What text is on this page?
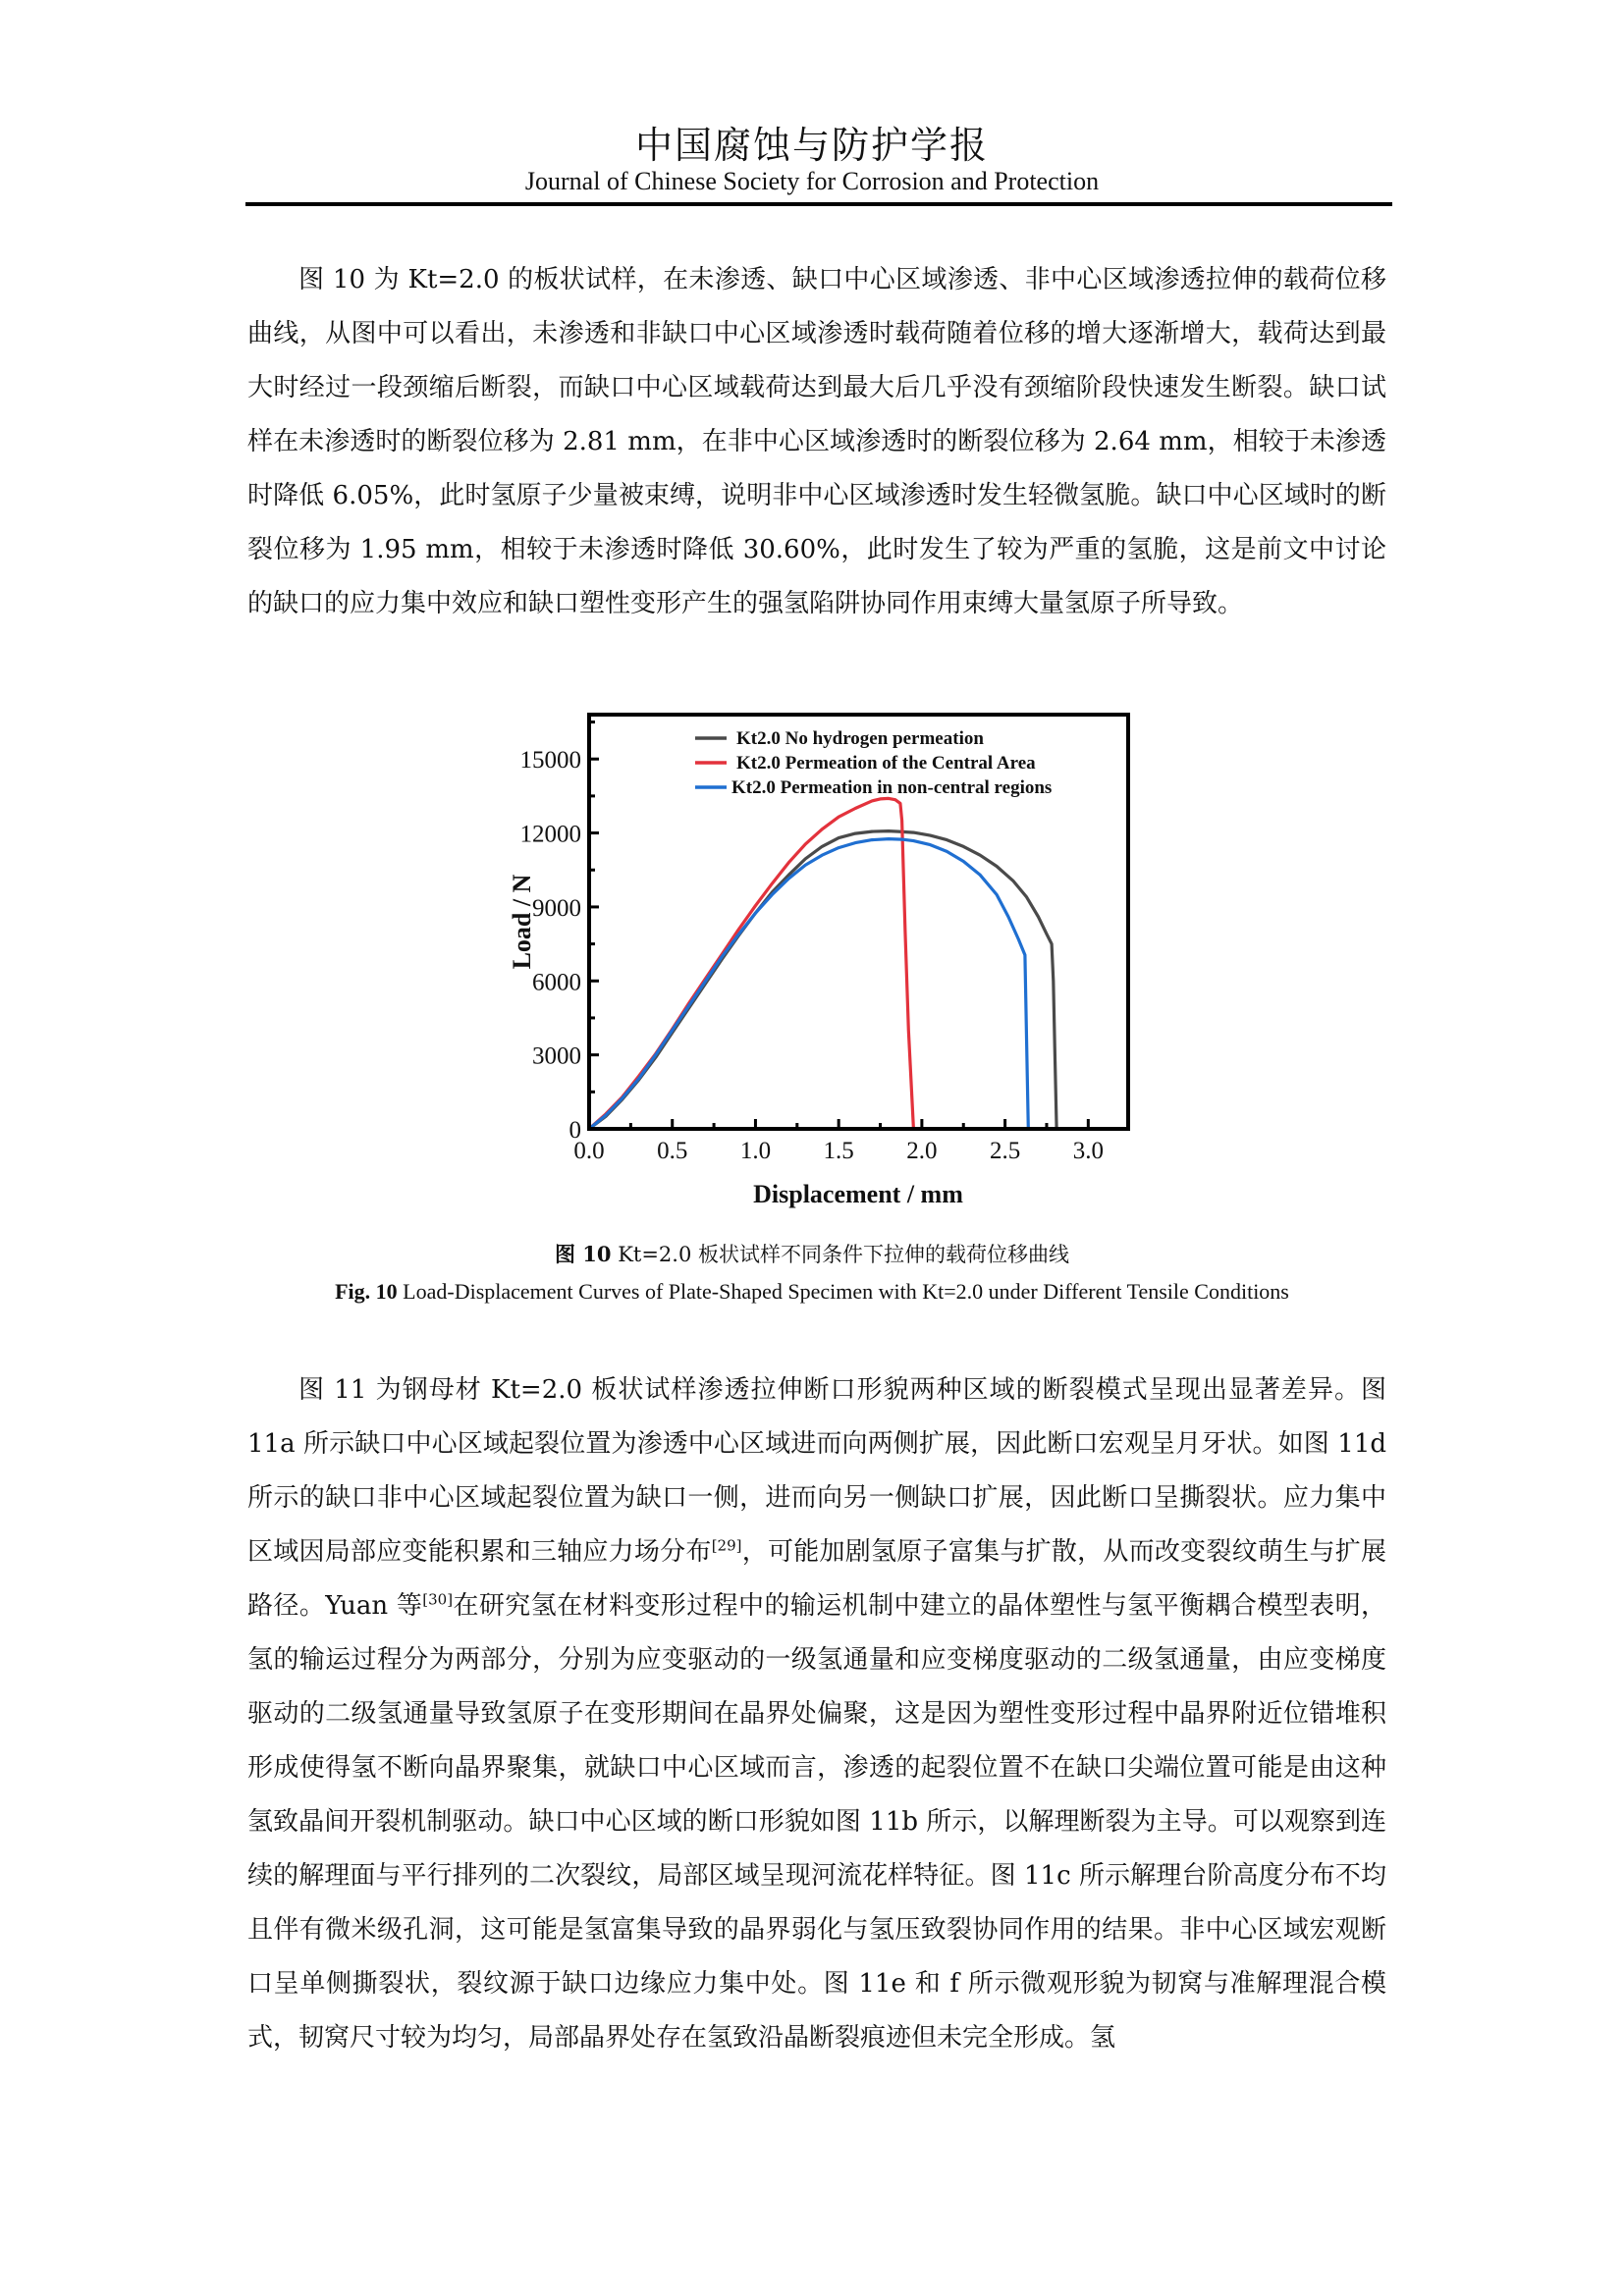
中国腐蚀与防护学报
Journal of Chinese Society for Corrosion and Protection

图 10 为 Kt=2.0 的板状试样，在未渗透、缺口中心区域渗透、非中心区域渗透拉伸的载荷位移曲线，从图中可以看出，未渗透和非缺口中心区域渗透时载荷随着位移的增大逐渐增大，载荷达到最大时经过一段颈缩后断裂，而缺口中心区域载荷达到最大后几乎没有颈缩阶段快速发生断裂。缺口试样在未渗透时的断裂位移为 2.81 mm，在非中心区域渗透时的断裂位移为 2.64 mm，相较于未渗透时降低 6.05%，此时氢原子少量被束缚，说明非中心区域渗透时发生轻微氢脆。缺口中心区域时的断裂位移为 1.95 mm，相较于未渗透时降低 30.60%，此时发生了较为严重的氢脆，这是前文中讨论的缺口的应力集中效应和缺口塑性变形产生的强氢陷阱协同作用束缚大量氢原子所导致。

0.0 0.5 1.0 1.5 2.0 2.5 3.0
0
3000
6000
9000
12000
15000
Displacement / mm
Load / N
Kt2.0 No hydrogen permeation
Kt2.0 Permeation of the Central Area
Kt2.0 Permeation in non-central regions
图 10 Kt=2.0 板状试样不同条件下拉伸的载荷位移曲线
Fig. 10 Load-Displacement Curves of Plate-Shaped Specimen with Kt=2.0 under Different Tensile Conditions

图 11 为钢母材 Kt=2.0 板状试样渗透拉伸断口形貌两种区域的断裂模式呈现出显著差异。图 11a 所示缺口中心区域起裂位置为渗透中心区域进而向两侧扩展，因此断口宏观呈月牙状。如图 11d 所示的缺口非中心区域起裂位置为缺口一侧，进而向另一侧缺口扩展，因此断口呈撕裂状。应力集中区域因局部应变能积累和三轴应力场分布[29]，可能加剧氢原子富集与扩散，从而改变裂纹萌生与扩展路径。Yuan 等[30]在研究氢在材料变形过程中的输运机制中建立的晶体塑性与氢平衡耦合模型表明，氢的输运过程分为两部分，分别为应变驱动的一级氢通量和应变梯度驱动的二级氢通量，由应变梯度驱动的二级氢通量导致氢原子在变形期间在晶界处偏聚，这是因为塑性变形过程中晶界附近位错堆积形成使得氢不断向晶界聚集，就缺口中心区域而言，渗透的起裂位置不在缺口尖端位置可能是由这种氢致晶间开裂机制驱动。缺口中心区域的断口形貌如图 11b 所示，以解理断裂为主导。可以观察到连续的解理面与平行排列的二次裂纹，局部区域呈现河流花样特征。图 11c 所示解理台阶高度分布不均且伴有微米级孔洞，这可能是氢富集导致的晶界弱化与氢压致裂协同作用的结果。非中心区域宏观断口呈单侧撕裂状，裂纹源于缺口边缘应力集中处。图 11e 和 f 所示微观形貌为韧窝与准解理混合模式，韧窝尺寸较为均匀，局部晶界处存在氢致沿晶断裂痕迹但未完全形成。氢
